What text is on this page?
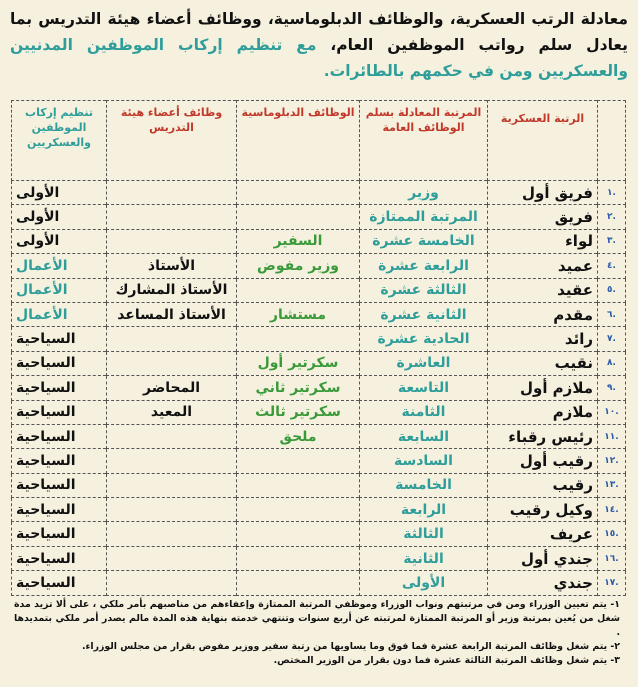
معادلة الرتب العسكرية، والوظائف الدبلوماسية، ووظائف أعضاء هيئة التدريس بما يعادل سلم رواتب الموظفين العام، مع تنظيم إركاب الموظفين المدنيين والعسكريين ومن في حكمهم بالطائرات.
	الرتبة العسكرية	المرتبة المعادلة بسلم الوظائف العامة	الوظائف الدبلوماسية	وظائف أعضاء هيئة التدريس	تنظيم إركاب الموظفين والعسكريين
.١	فريق أول	وزير			الأولى
.٢	فريق	المرتبة الممتازة			الأولى
.٣	لواء	الخامسة عشرة	السفير		الأولى
.٤	عميد	الرابعة عشرة	وزير مفوض	الأستاذ	الأعمال
.٥	عقيد	الثالثة عشرة		الأستاذ المشارك	الأعمال
.٦	مقدم	الثانية عشرة	مستشار	الأستاذ المساعد	الأعمال
.٧	رائد	الحادية عشرة			السياحية
.٨	نقيب	العاشرة	سكرتير أول		السياحية
.٩	ملازم أول	التاسعة	سكرتير ثاني	المحاضر	السياحية
.١٠	ملازم	الثامنة	سكرتير ثالث	المعيد	السياحية
.١١	رئيس رقباء	السابعة	ملحق		السياحية
.١٢	رقيب أول	السادسة			السياحية
.١٣	رقيب	الخامسة			السياحية
.١٤	وكيل رقيب	الرابعة			السياحية
.١٥	عريف	الثالثة			السياحية
.١٦	جندي أول	الثانية			السياحية
.١٧	جندي	الأولى			السياحية

١- يتم تعيين الوزراء ومن في مرتبتهم ونواب الوزراء وموظفي المرتبة الممتازة وإعفاءهم من مناصبهم بأمر ملكي ، على ألا تزيد مدة شغل من يُعين بمرتبة وزير أو المرتبة الممتازة لمرتبته عن أربع سنوات وتنتهي خدمته بنهاية هذه المدة مالم يصدر أمر ملكي بتمديدها .

٢- يتم شغل وظائف المرتبة الرابعة عشرة فما فوق وما يساويها من رتبة سفير ووزير مفوض بقرار من مجلس الوزراء.

٣- يتم شغل وظائف المرتبة الثالثة عشرة فما دون بقرار من الوزير المختص.
